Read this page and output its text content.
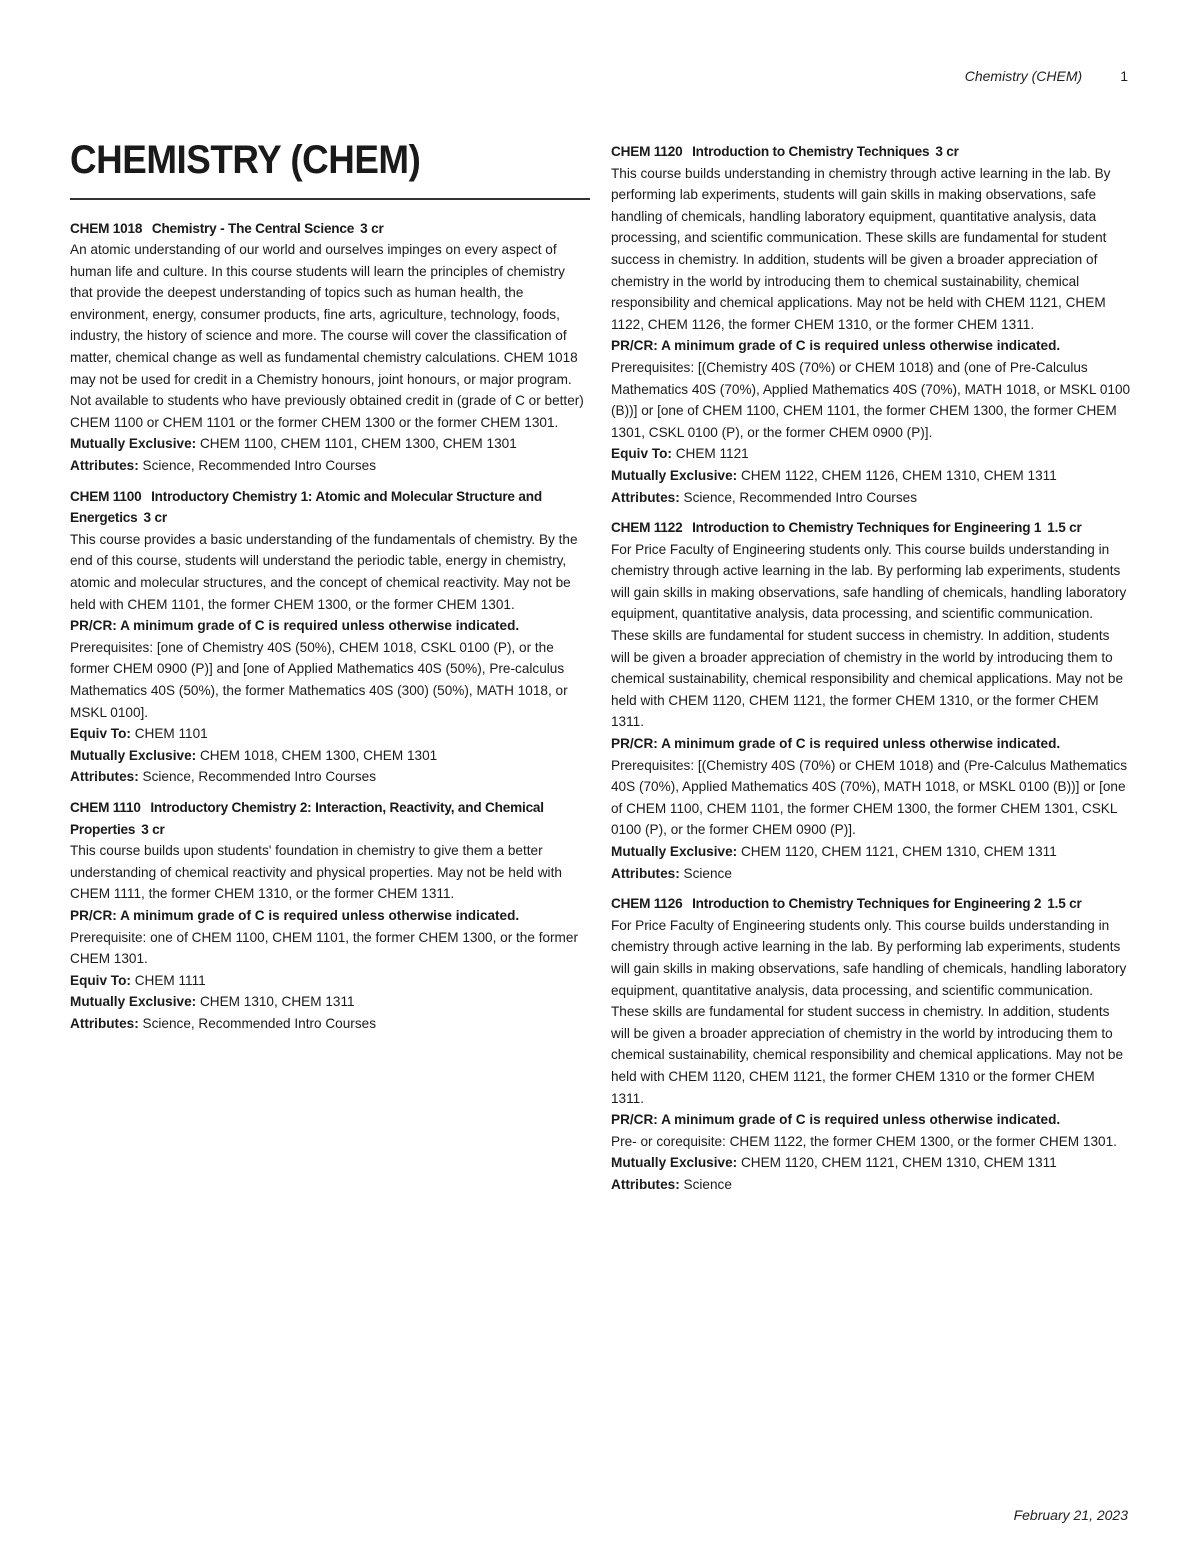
Chemistry (CHEM)	1
CHEMISTRY (CHEM)

CHEM 1018 Chemistry - The Central Science 3 cr

An atomic understanding of our world and ourselves impinges on every aspect of human life and culture. In this course students will learn the principles of chemistry that provide the deepest understanding of topics such as human health, the environment, energy, consumer products, fine arts, agriculture, technology, foods, industry, the history of science and more. The course will cover the classification of matter, chemical change as well as fundamental chemistry calculations. CHEM 1018 may not be used for credit in a Chemistry honours, joint honours, or major program. Not available to students who have previously obtained credit in (grade of C or better) CHEM 1100 or CHEM 1101 or the former CHEM 1300 or the former CHEM 1301.

Mutually Exclusive: CHEM 1100, CHEM 1101, CHEM 1300, CHEM 1301

Attributes: Science, Recommended Intro Courses

CHEM 1100 Introductory Chemistry 1: Atomic and Molecular Structure and Energetics 3 cr

This course provides a basic understanding of the fundamentals of chemistry. By the end of this course, students will understand the periodic table, energy in chemistry, atomic and molecular structures, and the concept of chemical reactivity. May not be held with CHEM 1101, the former CHEM 1300, or the former CHEM 1301.

PR/CR: A minimum grade of C is required unless otherwise indicated.

Prerequisites: [one of Chemistry 40S (50%), CHEM 1018, CSKL 0100 (P), or the former CHEM 0900 (P)] and [one of Applied Mathematics 40S (50%), Pre-calculus Mathematics 40S (50%), the former Mathematics 40S (300) (50%), MATH 1018, or MSKL 0100].

Equiv To: CHEM 1101

Mutually Exclusive: CHEM 1018, CHEM 1300, CHEM 1301

Attributes: Science, Recommended Intro Courses

CHEM 1110 Introductory Chemistry 2: Interaction, Reactivity, and Chemical Properties 3 cr

This course builds upon students' foundation in chemistry to give them a better understanding of chemical reactivity and physical properties. May not be held with CHEM 1111, the former CHEM 1310, or the former CHEM 1311.

PR/CR: A minimum grade of C is required unless otherwise indicated.

Prerequisite: one of CHEM 1100, CHEM 1101, the former CHEM 1300, or the former CHEM 1301.

Equiv To: CHEM 1111

Mutually Exclusive: CHEM 1310, CHEM 1311

Attributes: Science, Recommended Intro Courses

CHEM 1120 Introduction to Chemistry Techniques 3 cr

This course builds understanding in chemistry through active learning in the lab. By performing lab experiments, students will gain skills in making observations, safe handling of chemicals, handling laboratory equipment, quantitative analysis, data processing, and scientific communication. These skills are fundamental for student success in chemistry. In addition, students will be given a broader appreciation of chemistry in the world by introducing them to chemical sustainability, chemical responsibility and chemical applications. May not be held with CHEM 1121, CHEM 1122, CHEM 1126, the former CHEM 1310, or the former CHEM 1311.

PR/CR: A minimum grade of C is required unless otherwise indicated.

Prerequisites: [(Chemistry 40S (70%) or CHEM 1018) and (one of Pre-Calculus Mathematics 40S (70%), Applied Mathematics 40S (70%), MATH 1018, or MSKL 0100 (B))] or [one of CHEM 1100, CHEM 1101, the former CHEM 1300, the former CHEM 1301, CSKL 0100 (P), or the former CHEM 0900 (P)].

Equiv To: CHEM 1121

Mutually Exclusive: CHEM 1122, CHEM 1126, CHEM 1310, CHEM 1311

Attributes: Science, Recommended Intro Courses

CHEM 1122 Introduction to Chemistry Techniques for Engineering 1 1.5 cr

For Price Faculty of Engineering students only. This course builds understanding in chemistry through active learning in the lab. By performing lab experiments, students will gain skills in making observations, safe handling of chemicals, handling laboratory equipment, quantitative analysis, data processing, and scientific communication. These skills are fundamental for student success in chemistry. In addition, students will be given a broader appreciation of chemistry in the world by introducing them to chemical sustainability, chemical responsibility and chemical applications. May not be held with CHEM 1120, CHEM 1121, the former CHEM 1310, or the former CHEM 1311.

PR/CR: A minimum grade of C is required unless otherwise indicated.

Prerequisites: [(Chemistry 40S (70%) or CHEM 1018) and (Pre-Calculus Mathematics 40S (70%), Applied Mathematics 40S (70%), MATH 1018, or MSKL 0100 (B))] or [one of CHEM 1100, CHEM 1101, the former CHEM 1300, the former CHEM 1301, CSKL 0100 (P), or the former CHEM 0900 (P)].

Mutually Exclusive: CHEM 1120, CHEM 1121, CHEM 1310, CHEM 1311

Attributes: Science

CHEM 1126 Introduction to Chemistry Techniques for Engineering 2 1.5 cr

For Price Faculty of Engineering students only. This course builds understanding in chemistry through active learning in the lab. By performing lab experiments, students will gain skills in making observations, safe handling of chemicals, handling laboratory equipment, quantitative analysis, data processing, and scientific communication. These skills are fundamental for student success in chemistry. In addition, students will be given a broader appreciation of chemistry in the world by introducing them to chemical sustainability, chemical responsibility and chemical applications. May not be held with CHEM 1120, CHEM 1121, the former CHEM 1310 or the former CHEM 1311.

PR/CR: A minimum grade of C is required unless otherwise indicated.

Pre- or corequisite: CHEM 1122, the former CHEM 1300, or the former CHEM 1301.

Mutually Exclusive: CHEM 1120, CHEM 1121, CHEM 1310, CHEM 1311

Attributes: Science

February 21, 2023
